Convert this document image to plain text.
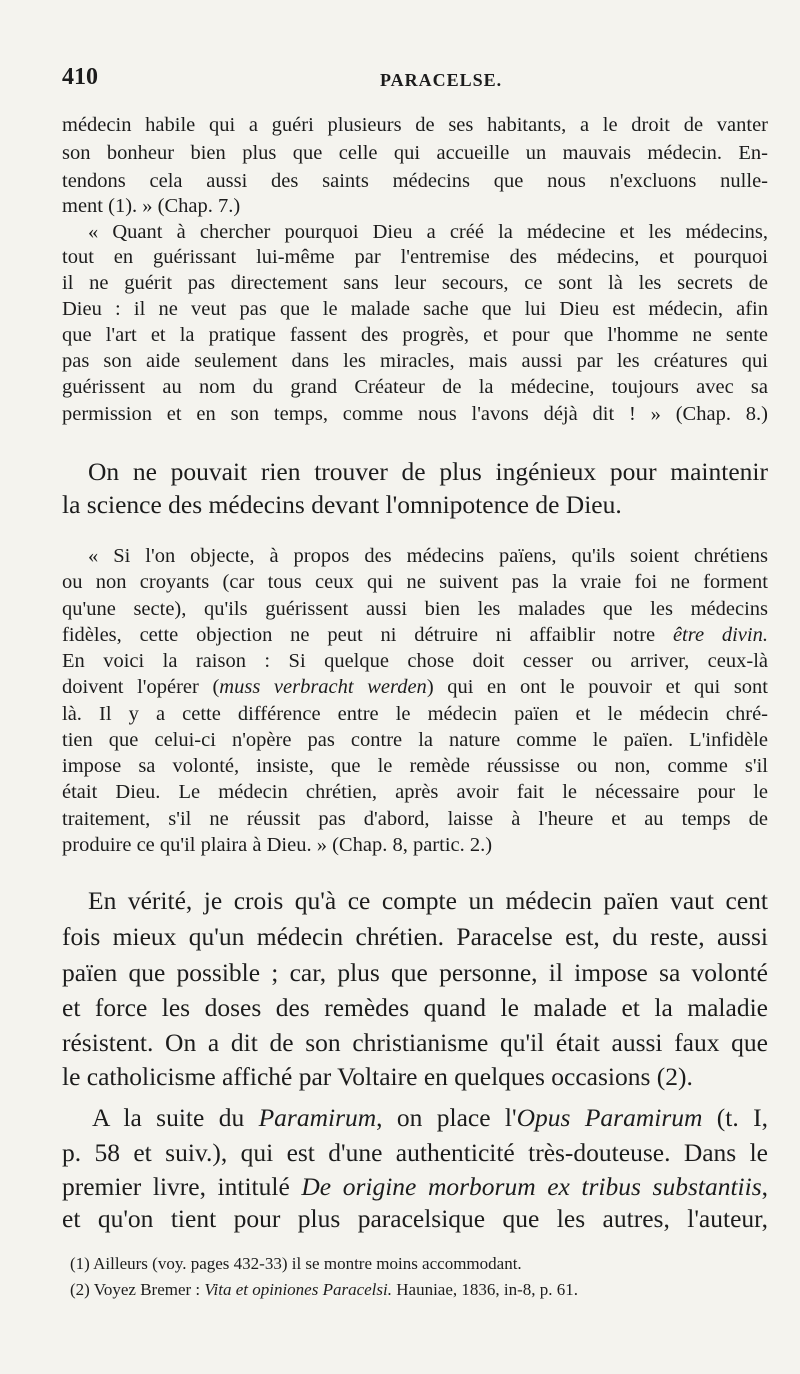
410	PARACELSE.
médecin habile qui a guéri plusieurs de ses habitants, a le droit de vanter
son bonheur bien plus que celle qui accueille un mauvais médecin. En-
tendons cela aussi des saints médecins que nous n'excluons nulle-
ment (1). » (Chap. 7.)
« Quant à chercher pourquoi Dieu a créé la médecine et les médecins,
tout en guérissant lui-même par l'entremise des médecins, et pourquoi
il ne guérit pas directement sans leur secours, ce sont là les secrets de
Dieu : il ne veut pas que le malade sache que lui Dieu est médecin, afin
que l'art et la pratique fassent des progrès, et pour que l'homme ne sente
pas son aide seulement dans les miracles, mais aussi par les créatures qui
guérissent au nom du grand Créateur de la médecine, toujours avec sa
permission et en son temps, comme nous l'avons déjà dit ! » (Chap. 8.)
On ne pouvait rien trouver de plus ingénieux pour maintenir
la science des médecins devant l'omnipotence de Dieu.
« Si l'on objecte, à propos des médecins païens, qu'ils soient chrétiens
ou non croyants (car tous ceux qui ne suivent pas la vraie foi ne forment
qu'une secte), qu'ils guérissent aussi bien les malades que les médecins
fidèles, cette objection ne peut ni détruire ni affaiblir notre être divin.
En voici la raison : Si quelque chose doit cesser ou arriver, ceux-là
doivent l'opérer (muss verbracht werden) qui en ont le pouvoir et qui sont
là. Il y a cette différence entre le médecin païen et le médecin chré-
tien que celui-ci n'opère pas contre la nature comme le païen. L'infidèle
impose sa volonté, insiste, que le remède réussisse ou non, comme s'il
était Dieu. Le médecin chrétien, après avoir fait le nécessaire pour le
traitement, s'il ne réussit pas d'abord, laisse à l'heure et au temps de
produire ce qu'il plaira à Dieu. » (Chap. 8, partic. 2.)
En vérité, je crois qu'à ce compte un médecin païen vaut cent
fois mieux qu'un médecin chrétien. Paracelse est, du reste, aussi
païen que possible ; car, plus que personne, il impose sa volonté
et force les doses des remèdes quand le malade et la maladie
résistent. On a dit de son christianisme qu'il était aussi faux que
le catholicisme affiché par Voltaire en quelques occasions (2).
A la suite du Paramirum, on place l'Opus Paramirum (t. I,
p. 58 et suiv.), qui est d'une authenticité très-douteuse. Dans le
premier livre, intitulé De origine morborum ex tribus substantiis,
et qu'on tient pour plus paracelsique que les autres, l'auteur,
(1) Ailleurs (voy. pages 432-33) il se montre moins accommodant.
(2) Voyez Bremer : Vita et opiniones Paracelsi. Hauniae, 1836, in-8, p. 61.
